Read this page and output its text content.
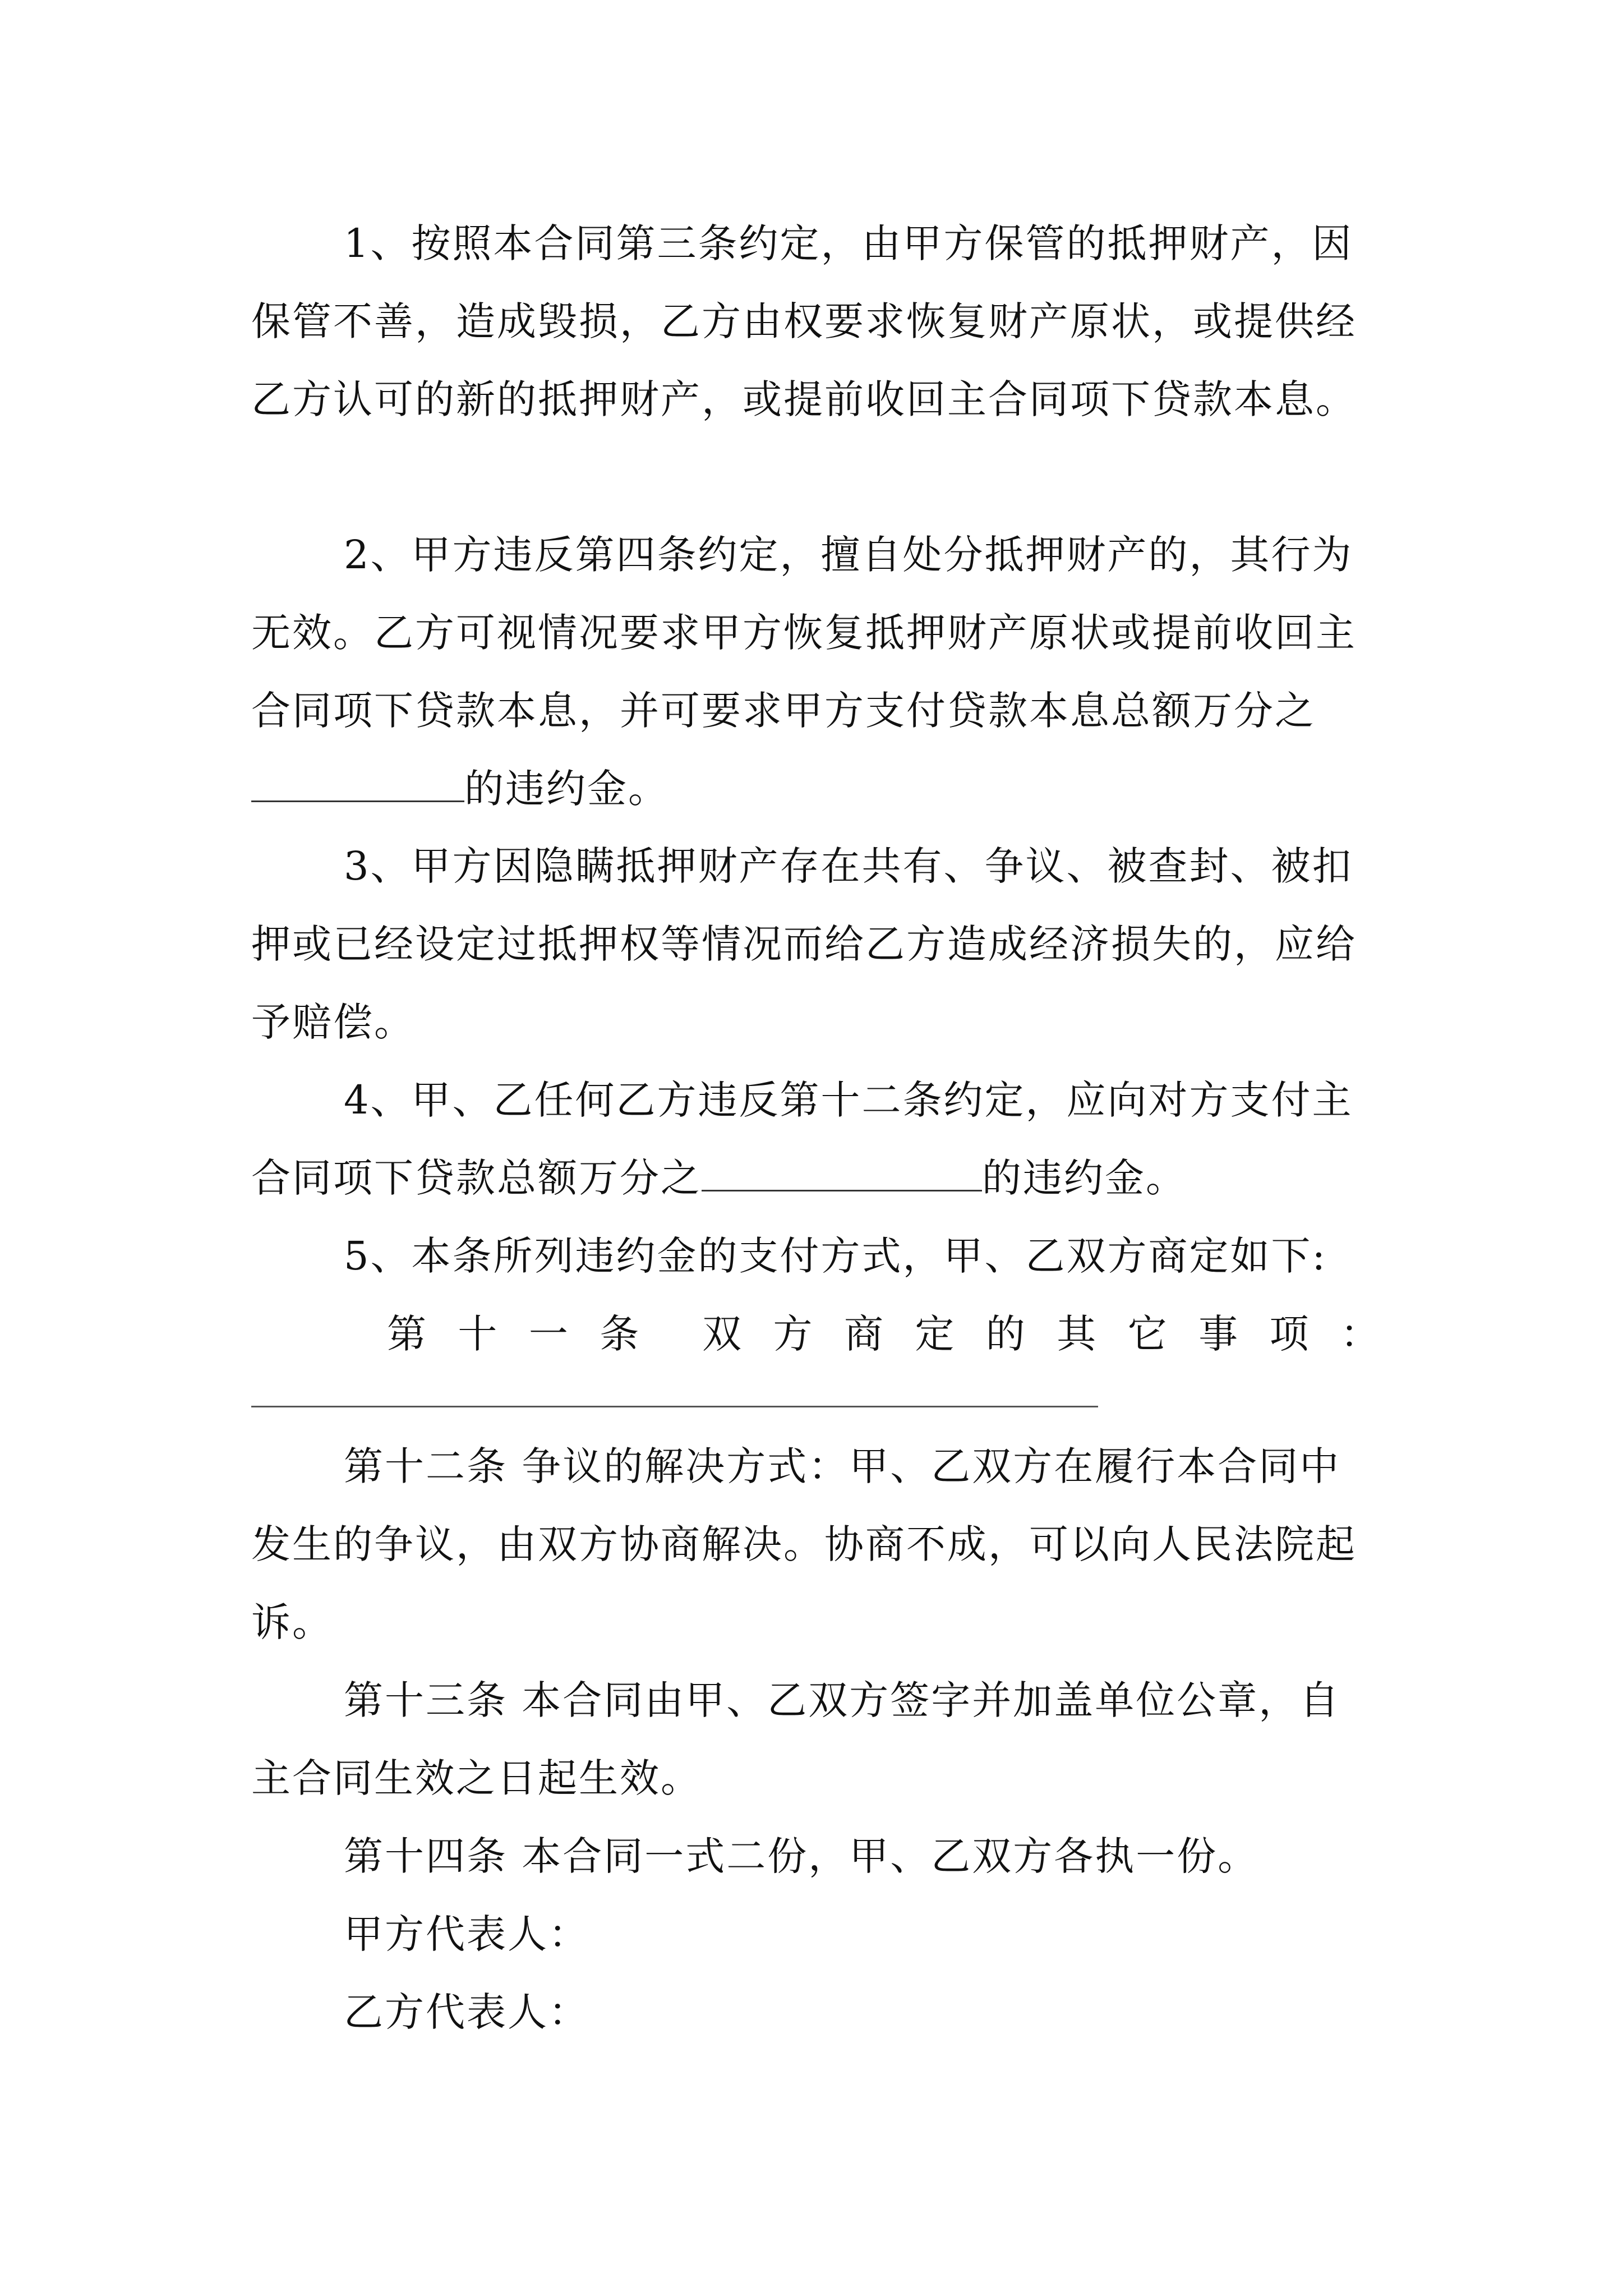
1、按照本合同第三条约定，由甲方保管的抵押财产，因保管不善，造成毁损，乙方由权要求恢复财产原状，或提供经乙方认可的新的抵押财产，或提前收回主合同项下贷款本息。

2、甲方违反第四条约定，擅自处分抵押财产的，其行为无效。乙方可视情况要求甲方恢复抵押财产原状或提前收回主合同项下贷款本息，并可要求甲方支付贷款本息总额万分之的违约金。

3、甲方因隐瞒抵押财产存在共有、争议、被查封、被扣押或已经设定过抵押权等情况而给乙方造成经济损失的，应给予赔偿。

4、甲、乙任何乙方违反第十二条约定，应向对方支付主合同项下贷款总额万分之	的违约金。

5、本条所列违约金的支付方式，甲、乙双方商定如下:

第 十 一 条 双 方 商 定 的 其 它 事 项 ：

第十二条 争议的解决方式：甲、乙双方在履行本合同中发生的争议，由双方协商解决。协商不成，可以向人民法院起诉。

第十三条 本合同由甲、乙双方签字并加盖单位公章，自主合同生效之日起生效。

第十四条 本合同一式二份，甲、乙双方各执一份。

甲方代表人：

乙方代表人：
